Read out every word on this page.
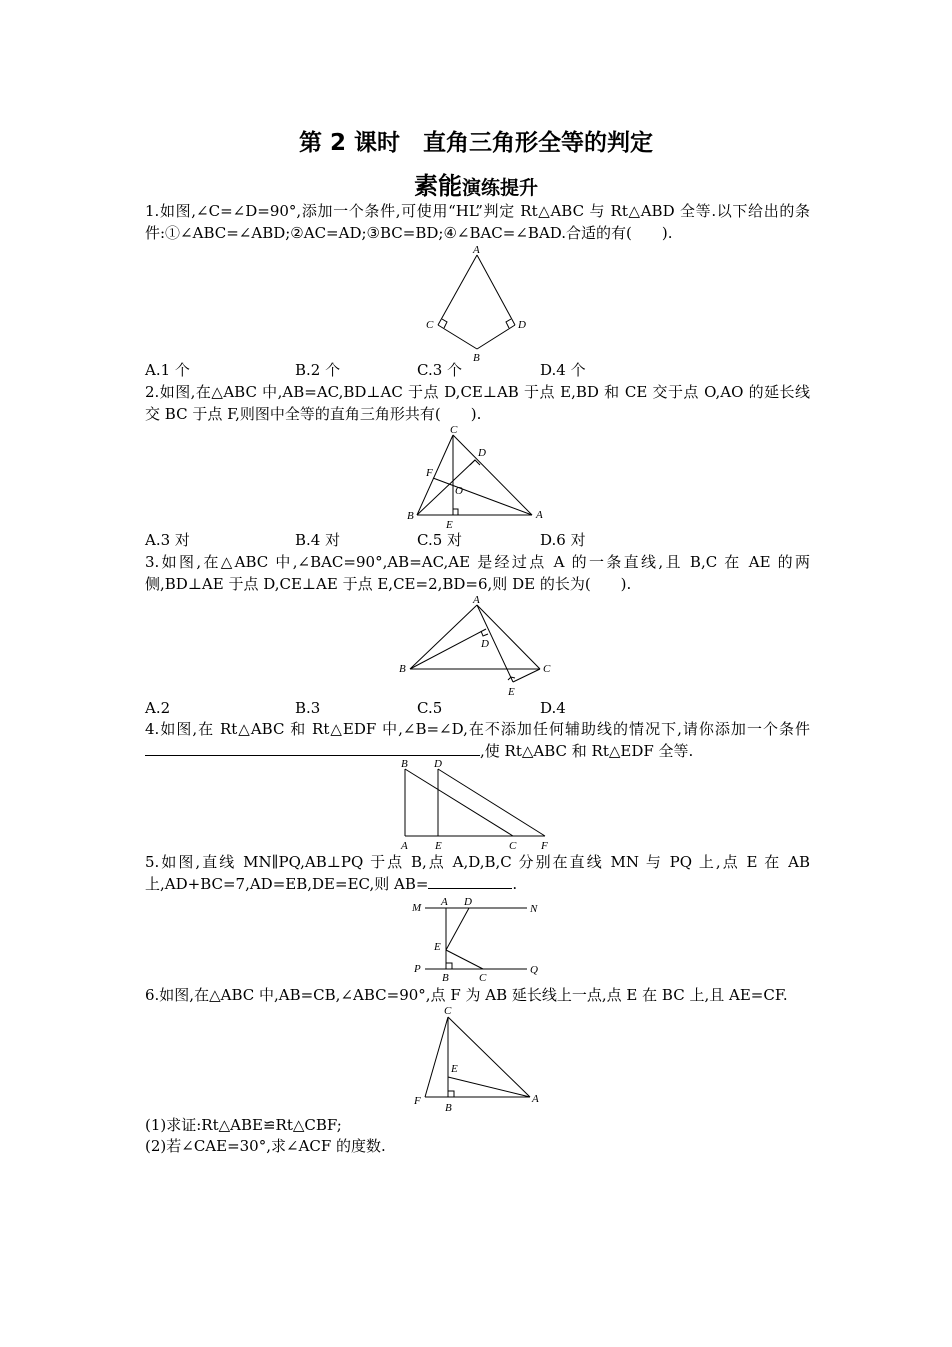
第 2 课时　直角三角形全等的判定
素能演练提升
1.如图,∠C=∠D=90°,添加一个条件,可使用“HL”判定 Rt△ABC 与 Rt△ABD 全等.以下给出的条件:①∠ABC=∠ABD;②AC=AD;③BC=BD;④∠BAC=∠BAD.合适的有(　　).
A
C	D
B
A.1 个	B.2 个	C.3 个	D.4 个
2.如图,在△ABC 中,AB=AC,BD⊥AC 于点 D,CE⊥AB 于点 E,BD 和 CE 交于点 O,AO 的延长线交 BC 于点 F,则图中全等的直角三角形共有(　　).
C
D
F
O
B	A
E
A.3 对	B.4 对	C.5 对	D.6 对
3.如图,在△ABC 中,∠BAC=90°,AB=AC,AE 是经过点 A 的一条直线,且 B,C 在 AE 的两侧,BD⊥AE 于点 D,CE⊥AE 于点 E,CE=2,BD=6,则 DE 的长为(　　).
A
D
B	C
E
A.2	B.3	C.5	D.4
4.如图,在 Rt△ABC 和 Rt△EDF 中,∠B=∠D,在不添加任何辅助线的情况下,请你添加一个条件,使 Rt△ABC 和 Rt△EDF 全等.
B D
A E	C F
5.如图,直线 MN∥PQ,AB⊥PQ 于点 B,点 A,D,B,C 分别在直线 MN 与 PQ 上,点 E 在 AB 上,AD+BC=7,AD=EB,DE=EC,则 AB=	.
M A D
N
E
P
B	C
Q
6.如图,在△ABC 中,AB=CB,∠ABC=90°,点 F 为 AB 延长线上一点,点 E 在 BC 上,且 AE=CF.
C
E
F
B
A
(1)求证:Rt△ABE≌Rt△CBF;
(2)若∠CAE=30°,求∠ACF 的度数.
